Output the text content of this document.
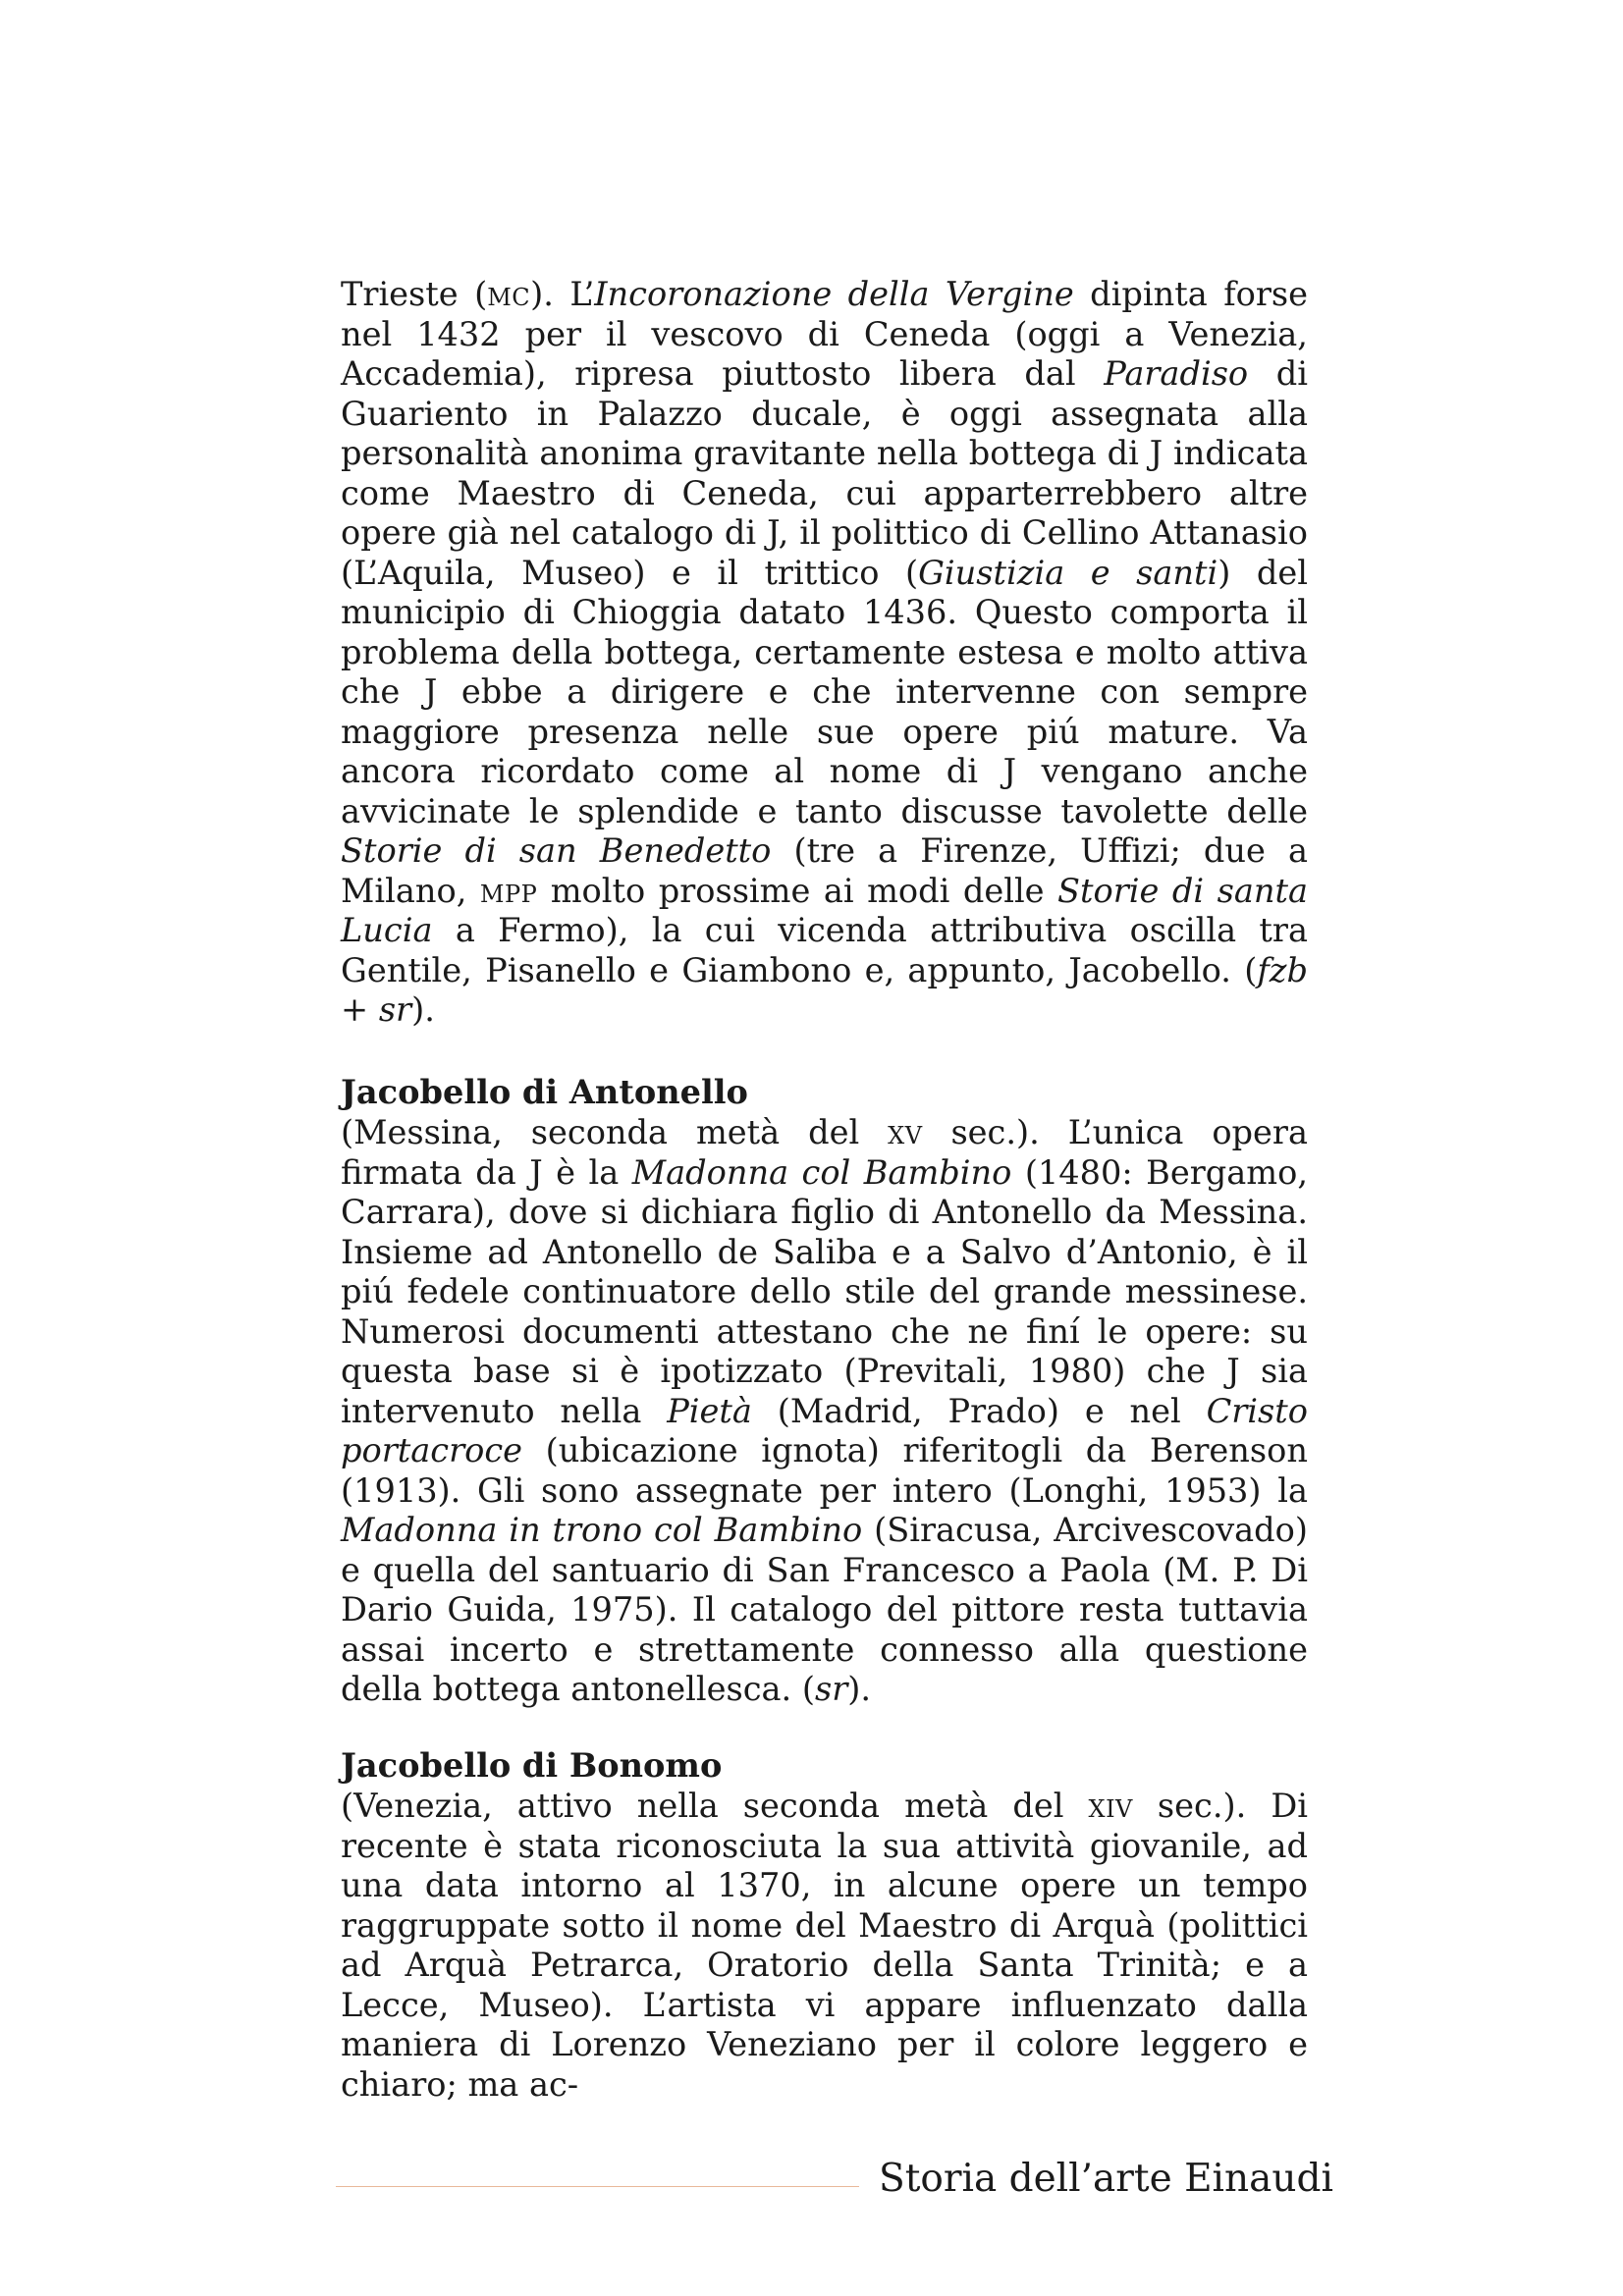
Trieste (mc). L’Incoronazione della Vergine dipinta forse nel 1432 per il vescovo di Ceneda (oggi a Venezia, Accademia), ripresa piuttosto libera dal Paradiso di Guariento in Palazzo ducale, è oggi assegnata alla personalità anonima gravitante nella bottega di J indicata come Maestro di Ceneda, cui apparterrebbero altre opere già nel catalogo di J, il polittico di Cellino Attanasio (L’Aquila, Museo) e il trittico (Giustizia e santi) del municipio di Chioggia datato 1436. Questo comporta il problema della bottega, certamente estesa e molto attiva che J ebbe a dirigere e che intervenne con sempre maggiore presenza nelle sue opere piú mature. Va ancora ricordato come al nome di J vengano anche avvicinate le splendide e tanto discusse tavolette delle Storie di san Benedetto (tre a Firenze, Uffizi; due a Milano, mpp molto prossime ai modi delle Storie di santa Lucia a Fermo), la cui vicenda attributiva oscilla tra Gentile, Pisanello e Giambono e, appunto, Jacobello. (fzb + sr).

Jacobello di Antonello

(Messina, seconda metà del xv sec.). L’unica opera firmata da J è la Madonna col Bambino (1480: Bergamo, Carrara), dove si dichiara figlio di Antonello da Messina. Insieme ad Antonello de Saliba e a Salvo d’Antonio, è il piú fedele continuatore dello stile del grande messinese. Numerosi documenti attestano che ne finí le opere: su questa base si è ipotizzato (Previtali, 1980) che J sia intervenuto nella Pietà (Madrid, Prado) e nel Cristo portacroce (ubicazione ignota) riferitogli da Berenson (1913). Gli sono assegnate per intero (Longhi, 1953) la Madonna in trono col Bambino (Siracusa, Arcivescovado) e quella del santuario di San Francesco a Paola (M. P. Di Dario Guida, 1975). Il catalogo del pittore resta tuttavia assai incerto e strettamente connesso alla questione della bottega antonellesca. (sr).

Jacobello di Bonomo

(Venezia, attivo nella seconda metà del xiv sec.). Di recente è stata riconosciuta la sua attività giovanile, ad una data intorno al 1370, in alcune opere un tempo raggruppate sotto il nome del Maestro di Arquà (polittici ad Arquà Petrarca, Oratorio della Santa Trinità; e a Lecce, Museo). L’artista vi appare influenzato dalla maniera di Lorenzo Veneziano per il colore leggero e chiaro; ma ac-

Storia dell’arte Einaudi
